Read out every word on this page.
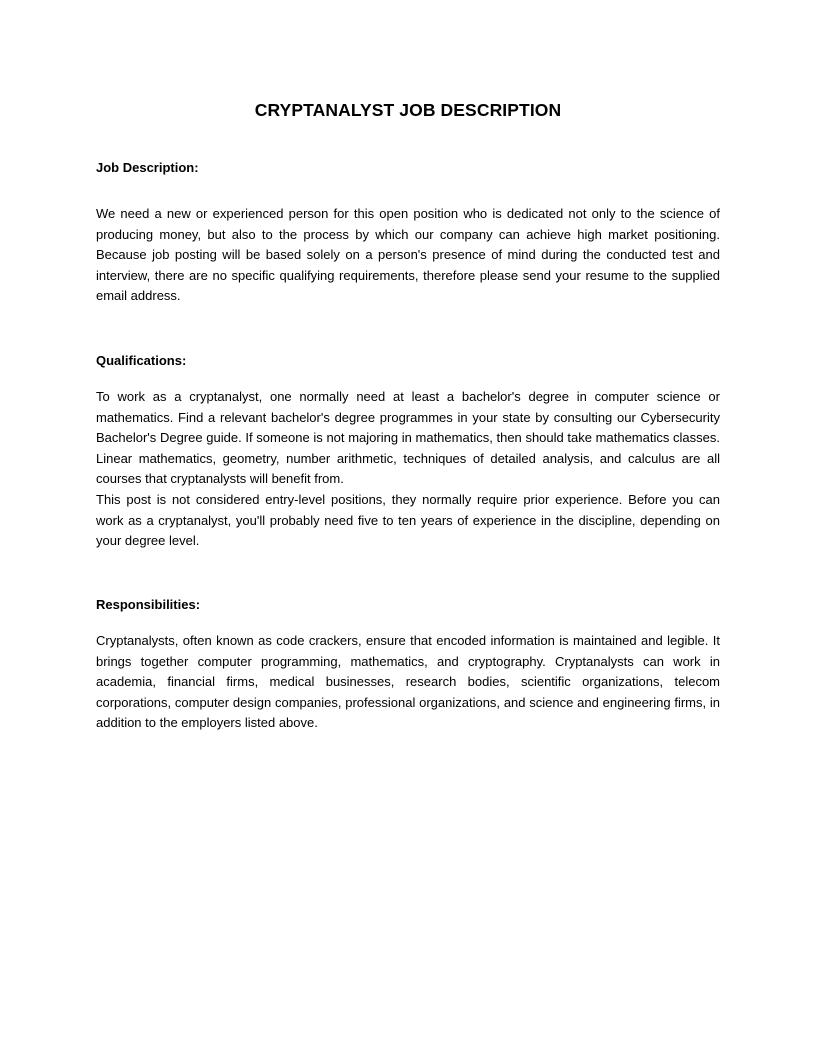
CRYPTANALYST JOB DESCRIPTION
Job Description:

We need a new or experienced person for this open position who is dedicated not only to the science of producing money, but also to the process by which our company can achieve high market positioning. Because job posting will be based solely on a person's presence of mind during the conducted test and interview, there are no specific qualifying requirements, therefore please send your resume to the supplied email address.

Qualifications:

To work as a cryptanalyst, one normally need at least a bachelor's degree in computer science or mathematics. Find a relevant bachelor's degree programmes in your state by consulting our Cybersecurity Bachelor's Degree guide. If someone is not majoring in mathematics, then should take mathematics classes. Linear mathematics, geometry, number arithmetic, techniques of detailed analysis, and calculus are all courses that cryptanalysts will benefit from.

This post is not considered entry-level positions, they normally require prior experience. Before you can work as a cryptanalyst, you'll probably need five to ten years of experience in the discipline, depending on your degree level.

Responsibilities:

Cryptanalysts, often known as code crackers, ensure that encoded information is maintained and legible. It brings together computer programming, mathematics, and cryptography. Cryptanalysts can work in academia, financial firms, medical businesses, research bodies, scientific organizations, telecom corporations, computer design companies, professional organizations, and science and engineering firms, in addition to the employers listed above.
